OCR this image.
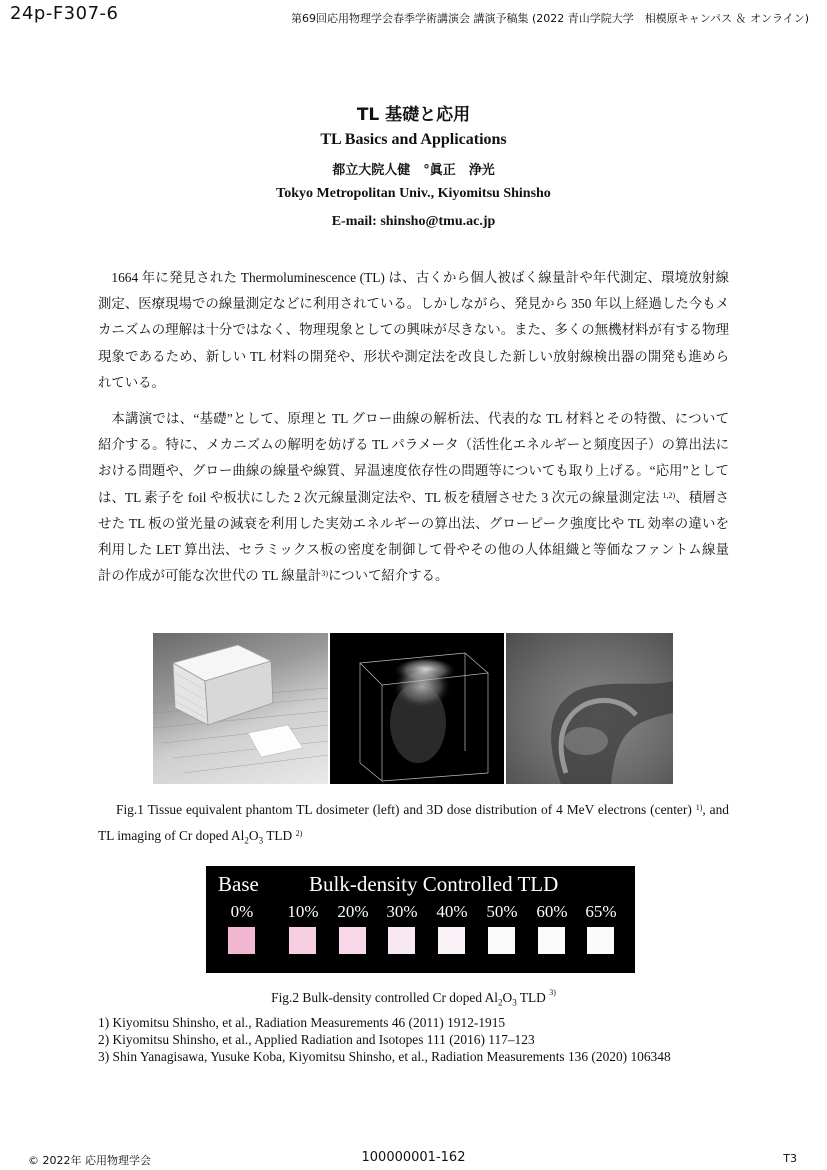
24p-F307-6	第69回応用物理学会春季学術講演会 講演予稿集 (2022 青山学院大学　相模原キャンパス ＆ オンライン)
TL 基礎と応用
TL Basics and Applications
都立大院人健　°眞正　浄光
Tokyo Metropolitan Univ., Kiyomitsu Shinsho
E-mail: shinsho@tmu.ac.jp
1664 年に発見された Thermoluminescence (TL) は、古くから個人被ばく線量計や年代測定、環境放射線測定、医療現場での線量測定などに利用されている。しかしながら、発見から 350 年以上経過した今もメカニズムの理解は十分ではなく、物理現象としての興味が尽きない。また、多くの無機材料が有する物理現象であるため、新しい TL 材料の開発や、形状や測定法を改良した新しい放射線検出器の開発も進められている。
本講演では、“基礎”として、原理と TL グロー曲線の解析法、代表的な TL 材料とその特徴、について紹介する。特に、メカニズムの解明を妨げる TL パラメータ（活性化エネルギーと頻度因子）の算出法における問題や、グロー曲線の線量や線質、昇温速度依存性の問題等についても取り上げる。“応用”としては、TL 素子を foil や板状にした 2 次元線量測定法や、TL 板を積層させた 3 次元の線量測定法 $^{1,2)}$、積層させた TL 板の蛍光量の減衰を利用した実効エネルギーの算出法、グローピーク強度比や TL 効率の違いを利用した LET 算出法、セラミックス板の密度を制御して骨やその他の人体組織と等価なファントム線量計の作成が可能な次世代の TL 線量計$^{3)}$について紹介する。
Fig.1 Tissue equivalent phantom TL dosimeter (left) and 3D dose distribution of 4 MeV electrons (center) $^{1)}$, and TL imaging of Cr doped $Al_2O_3$ TLD $^{2)}$
Base Bulk-density Controlled TLD
0%	10%	20%	30%	40%	50%	60%	65%
Fig.2 Bulk-density controlled Cr doped $Al_2O_3$ TLD $^{3)}$
1) Kiyomitsu Shinsho, et al., Radiation Measurements 46 (2011) 1912-1915
2) Kiyomitsu Shinsho, et al., Applied Radiation and Isotopes 111 (2016) 117–123
3) Shin Yanagisawa, Yusuke Koba, Kiyomitsu Shinsho, et al., Radiation Measurements 136 (2020) 106348
© 2022年 応用物理学会	100000001-162	T3
